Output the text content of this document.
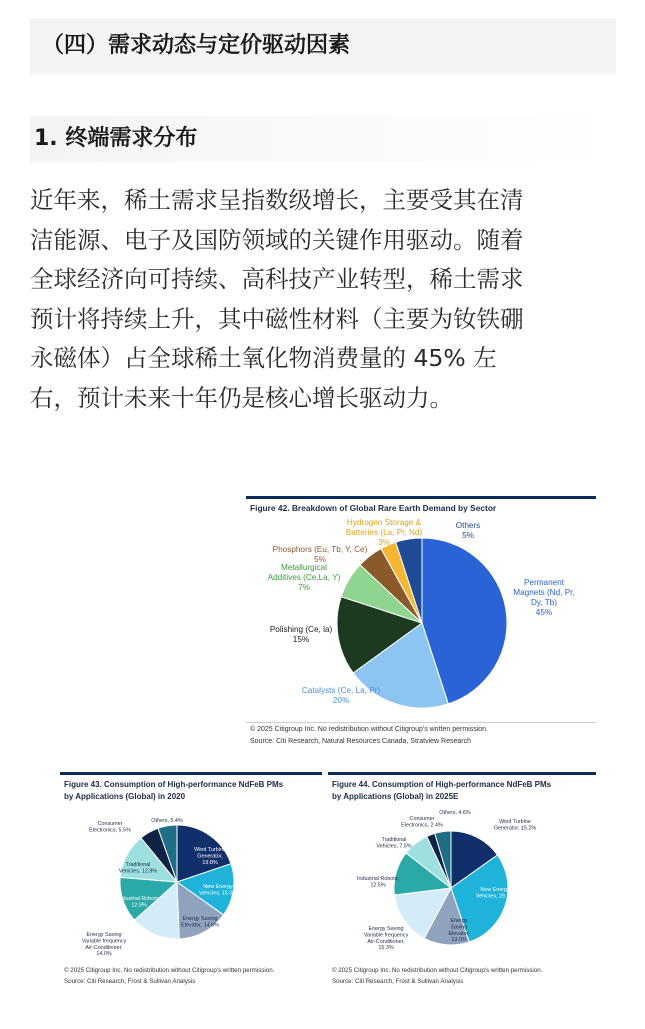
（四）需求动态与定价驱动因素
1. 终端需求分布
近年来，稀土需求呈指数级增长，主要受其在清
洁能源、电子及国防领域的关键作用驱动。随着
全球经济向可持续、高科技产业转型，稀土需求
预计将持续上升，其中磁性材料（主要为钕铁硼
永磁体）占全球稀土氧化物消费量的 45% 左
右，预计未来十年仍是核心增长驱动力。
Figure 42. Breakdown of Global Rare Earth Demand by Sector
Permanent Magnets (Nd, Pr, Dy, Tb) 45%
Catalysts (Ce, La, Pr) 20%
Polishing (Ce, la) 15%
Metallurgical Additives (Ce,La, Y) 7%
Phosphors (Eu, Tb, Y, Ce) 5%
Hydrogen Storage & Batteries (La, Pr, Nd) 3%
Others 5%
© 2025 Citigroup Inc. No redistribution without Citigroup's written permission.
Source: Citi Research, Natural Resources Canada, Stratview Research
Figure 43. Consumption of High-performance NdFeB PMs
by Applications (Global) in 2020
Wind Turbine Generator, 19.8%
New Energy Vehicles, 15.0%
Energy Saving Elevator, 14.6%
Energy Saving Variable frequency Air-Conditioner, 14.0%
Industrial Robots, 12.9%
Traditional Vehicles, 12.8%
Consumer Electronics, 5.5%
Others, 5.4%
© 2025 Citigroup Inc. No redistribution without Citigroup's written permission.
Source: Citi Research, Frost & Sullivan Analysis
Figure 44. Consumption of High-performance NdFeB PMs
by Applications (Global) in 2025E
Wind Turbine Generator, 15.2%
New Energy Vehicles, 29.7%
Energy Saving Elevator, 13.0%
Energy Saving Variable frequency Air-Conditioner, 15.3%
Industrial Robots, 12.5%
Traditional Vehicles, 7.5%
Consumer Electronics, 2.4%
Others, 4.6%
© 2025 Citigroup Inc. No redistribution without Citigroup's written permission.
Source: Citi Research, Frost & Sullivan Analysis
